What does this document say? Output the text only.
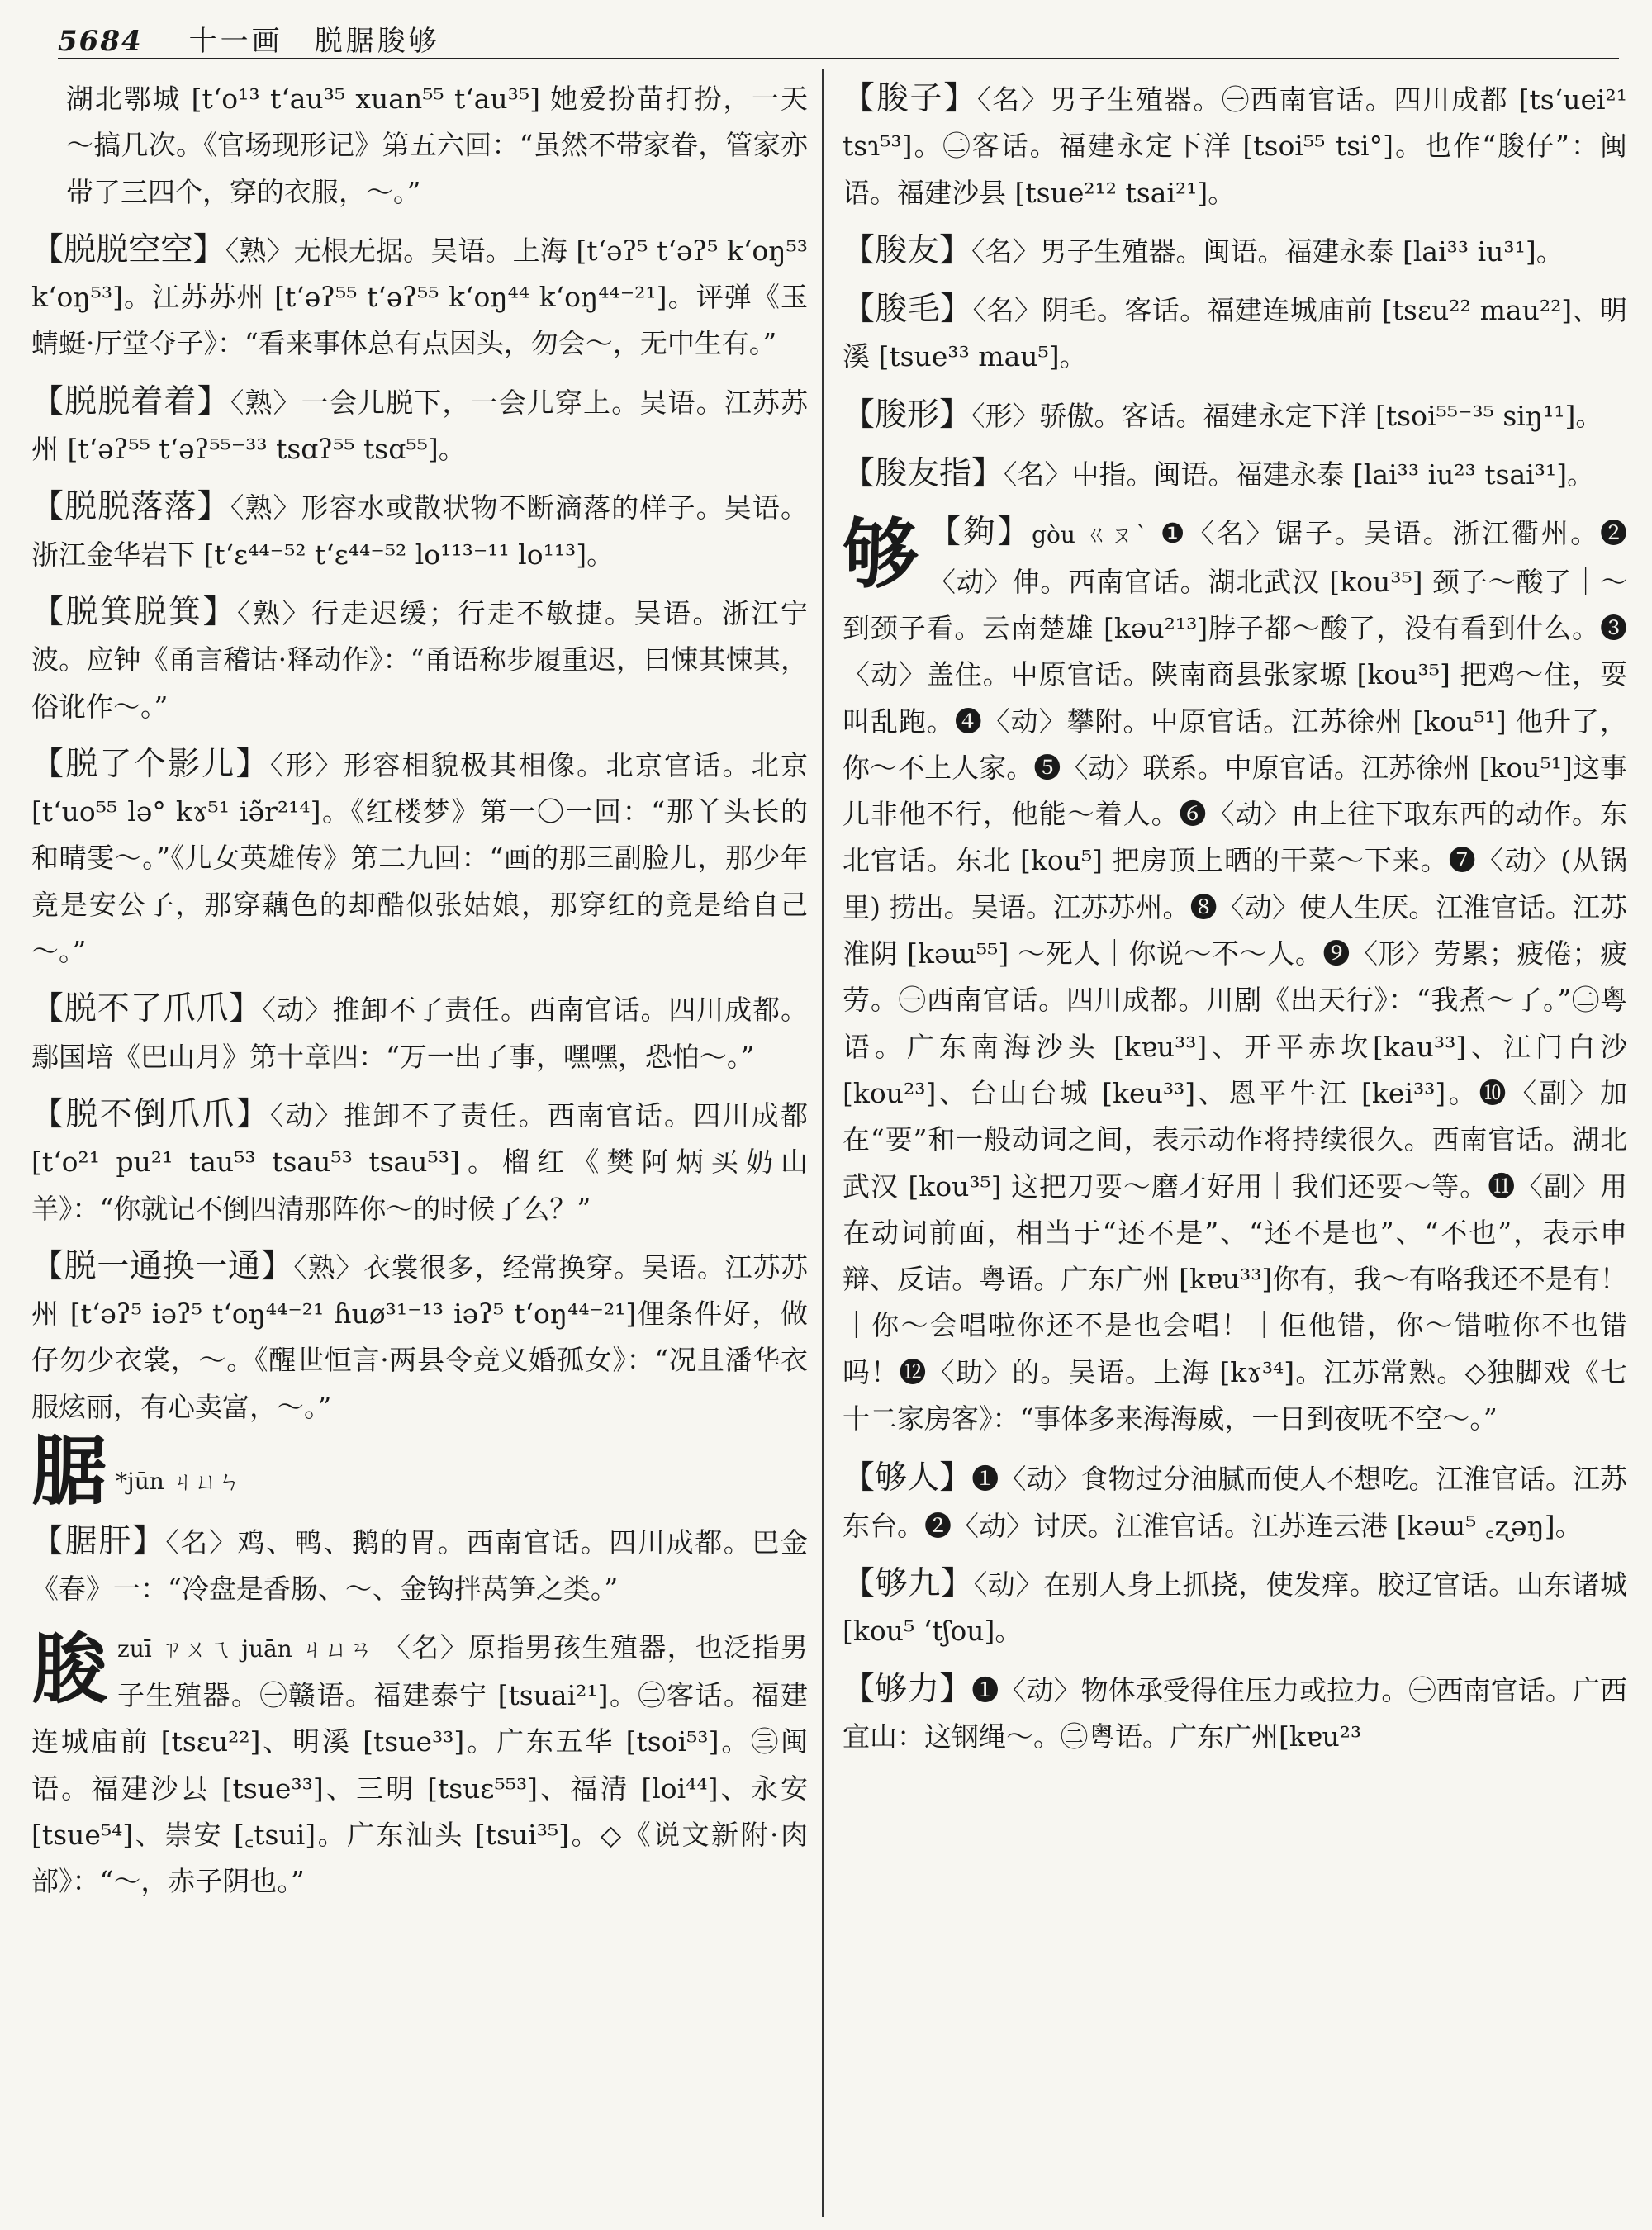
5684 十一画　脱腒朘够
湖北鄂城 [t‘o¹³ t‘au³⁵ xuan⁵⁵ t‘au³⁵] 她爱扮苗打扮，一天～搞几次。《官场现形记》第五六回：“虽然不带家眷，管家亦带了三四个，穿的衣服，～。”
【脱脱空空】〈熟〉无根无据。吴语。上海 [t‘əʔ⁵ t‘əʔ⁵ k‘oŋ⁵³ k‘oŋ⁵³]。江苏苏州 [t‘əʔ⁵⁵ t‘əʔ⁵⁵ k‘oŋ⁴⁴ k‘oŋ⁴⁴⁻²¹]。评弹《玉蜻蜓·厅堂夺子》：“看来事体总有点因头，勿会～，无中生有。”
【脱脱着着】〈熟〉一会儿脱下，一会儿穿上。吴语。江苏苏州 [t‘əʔ⁵⁵ t‘əʔ⁵⁵⁻³³ tsɑʔ⁵⁵ tsɑ⁵⁵]。
【脱脱落落】〈熟〉形容水或散状物不断滴落的样子。吴语。浙江金华岩下 [t‘ɛ⁴⁴⁻⁵² t‘ɛ⁴⁴⁻⁵² lo¹¹³⁻¹¹ lo¹¹³]。
【脱箕脱箕】〈熟〉行走迟缓；行走不敏捷。吴语。浙江宁波。应钟《甬言稽诂·释动作》：“甬语称步履重迟，曰悚其悚其，俗讹作～。”
【脱了个影儿】〈形〉形容相貌极其相像。北京官话。北京 [t‘uo⁵⁵ lə° kɤ⁵¹ iə̃r²¹⁴]。《红楼梦》第一〇一回：“那丫头长的和晴雯～。”《儿女英雄传》第二九回：“画的那三副脸儿，那少年竟是安公子，那穿藕色的却酷似张姑娘，那穿红的竟是给自己～。”
【脱不了爪爪】〈动〉推卸不了责任。西南官话。四川成都。鄢国培《巴山月》第十章四：“万一出了事，嘿嘿，恐怕～。”
【脱不倒爪爪】〈动〉推卸不了责任。西南官话。四川成都 [t‘o²¹ pu²¹ tau⁵³ tsau⁵³ tsau⁵³]。榴红《樊阿炳买奶山羊》：“你就记不倒四清那阵你～的时候了么？”
【脱一通换一通】〈熟〉衣裳很多，经常换穿。吴语。江苏苏州 [t‘əʔ⁵ iəʔ⁵ t‘oŋ⁴⁴⁻²¹ ɦuø³¹⁻¹³ iəʔ⁵ t‘oŋ⁴⁴⁻²¹]俚条件好，做仔勿少衣裳，～。《醒世恒言·两县令竞义婚孤女》：“况且潘华衣服炫丽，有心卖富，～。”
腒 *jūn ㄐㄩㄣ
【腒肝】〈名〉鸡、鸭、鹅的胃。西南官话。四川成都。巴金《春》一：“冷盘是香肠、～、金钩拌莴笋之类。”
朘zuī ㄗㄨㄟ juān ㄐㄩㄢ 〈名〉原指男孩生殖器，也泛指男子生殖器。㊀赣语。福建泰宁 [tsuai²¹]。㊁客话。福建连城庙前 [tsɛu²²]、明溪 [tsue³³]。广东五华 [tsoi⁵³]。㊂闽语。福建沙县 [tsue³³]、三明 [tsuɛ⁵⁵³]、福清 [loi⁴⁴]、永安 [tsue⁵⁴]、崇安 [꜀tsui]。广东汕头 [tsui³⁵]。◇《说文新附·肉部》：“～，赤子阴也。”
【朘子】〈名〉男子生殖器。㊀西南官话。四川成都 [ts‘uei²¹ tsɿ⁵³]。㊁客话。福建永定下洋 [tsoi⁵⁵ tsi°]。也作“朘仔”：闽语。福建沙县 [tsue²¹² tsai²¹]。
【朘友】〈名〉男子生殖器。闽语。福建永泰 [lai³³ iu³¹]。
【朘毛】〈名〉阴毛。客话。福建连城庙前 [tsɛu²² mau²²]、明溪 [tsue³³ mau⁵]。
【朘形】〈形〉骄傲。客话。福建永定下洋 [tsoi⁵⁵⁻³⁵ siŋ¹¹]。
【朘友指】〈名〉中指。闽语。福建永泰 [lai³³ iu²³ tsai³¹]。
够 【夠】gòu ㄍㄡˋ ❶〈名〉锯子。吴语。浙江衢州。❷〈动〉伸。西南官话。湖北武汉 [kou³⁵] 颈子～酸了｜～到颈子看。云南楚雄 [kəu²¹³]脖子都～酸了，没有看到什么。❸〈动〉盖住。中原官话。陕南商县张家塬 [kou³⁵] 把鸡～住，耍叫乱跑。❹〈动〉攀附。中原官话。江苏徐州 [kou⁵¹] 他升了，你～不上人家。❺〈动〉联系。中原官话。江苏徐州 [kou⁵¹]这事儿非他不行，他能～着人。❻〈动〉由上往下取东西的动作。东北官话。东北 [kou⁵] 把房顶上晒的干菜～下来。❼〈动〉(从锅里) 捞出。吴语。江苏苏州。❽〈动〉使人生厌。江淮官话。江苏淮阴 [kəɯ⁵⁵] ～死人｜你说～不～人。❾〈形〉劳累；疲倦；疲劳。㊀西南官话。四川成都。川剧《出天行》：“我煮～了。”㊁粤语。广东南海沙头 [kɐu³³]、开平赤坎[kau³³]、江门白沙 [kou²³]、台山台城 [keu³³]、恩平牛江 [kei³³]。❿〈副〉加在“要”和一般动词之间，表示动作将持续很久。西南官话。湖北武汉 [kou³⁵] 这把刀要～磨才好用｜我们还要～等。⓫〈副〉用在动词前面，相当于“还不是”、“还不是也”、“不也”，表示申辩、反诘。粤语。广东广州 [kɐu³³]你有，我～有咯我还不是有！｜你～会唱啦你还不是也会唱！｜佢他错，你～错啦你不也错吗！⓬〈助〉的。吴语。上海 [kɤ³⁴]。江苏常熟。◇独脚戏《七十二家房客》：“事体多来海海威，一日到夜呒不空～。”
【够人】❶〈动〉食物过分油腻而使人不想吃。江淮官话。江苏东台。❷〈动〉讨厌。江淮官话。江苏连云港 [kəɯ⁵ ꜀ʐəŋ]。
【够九】〈动〉在别人身上抓挠，使发痒。胶辽官话。山东诸城 [kou⁵ ‘tʃou]。
【够力】❶〈动〉物体承受得住压力或拉力。㊀西南官话。广西宜山：这钢绳～。㊁粤语。广东广州[kɐu²³
